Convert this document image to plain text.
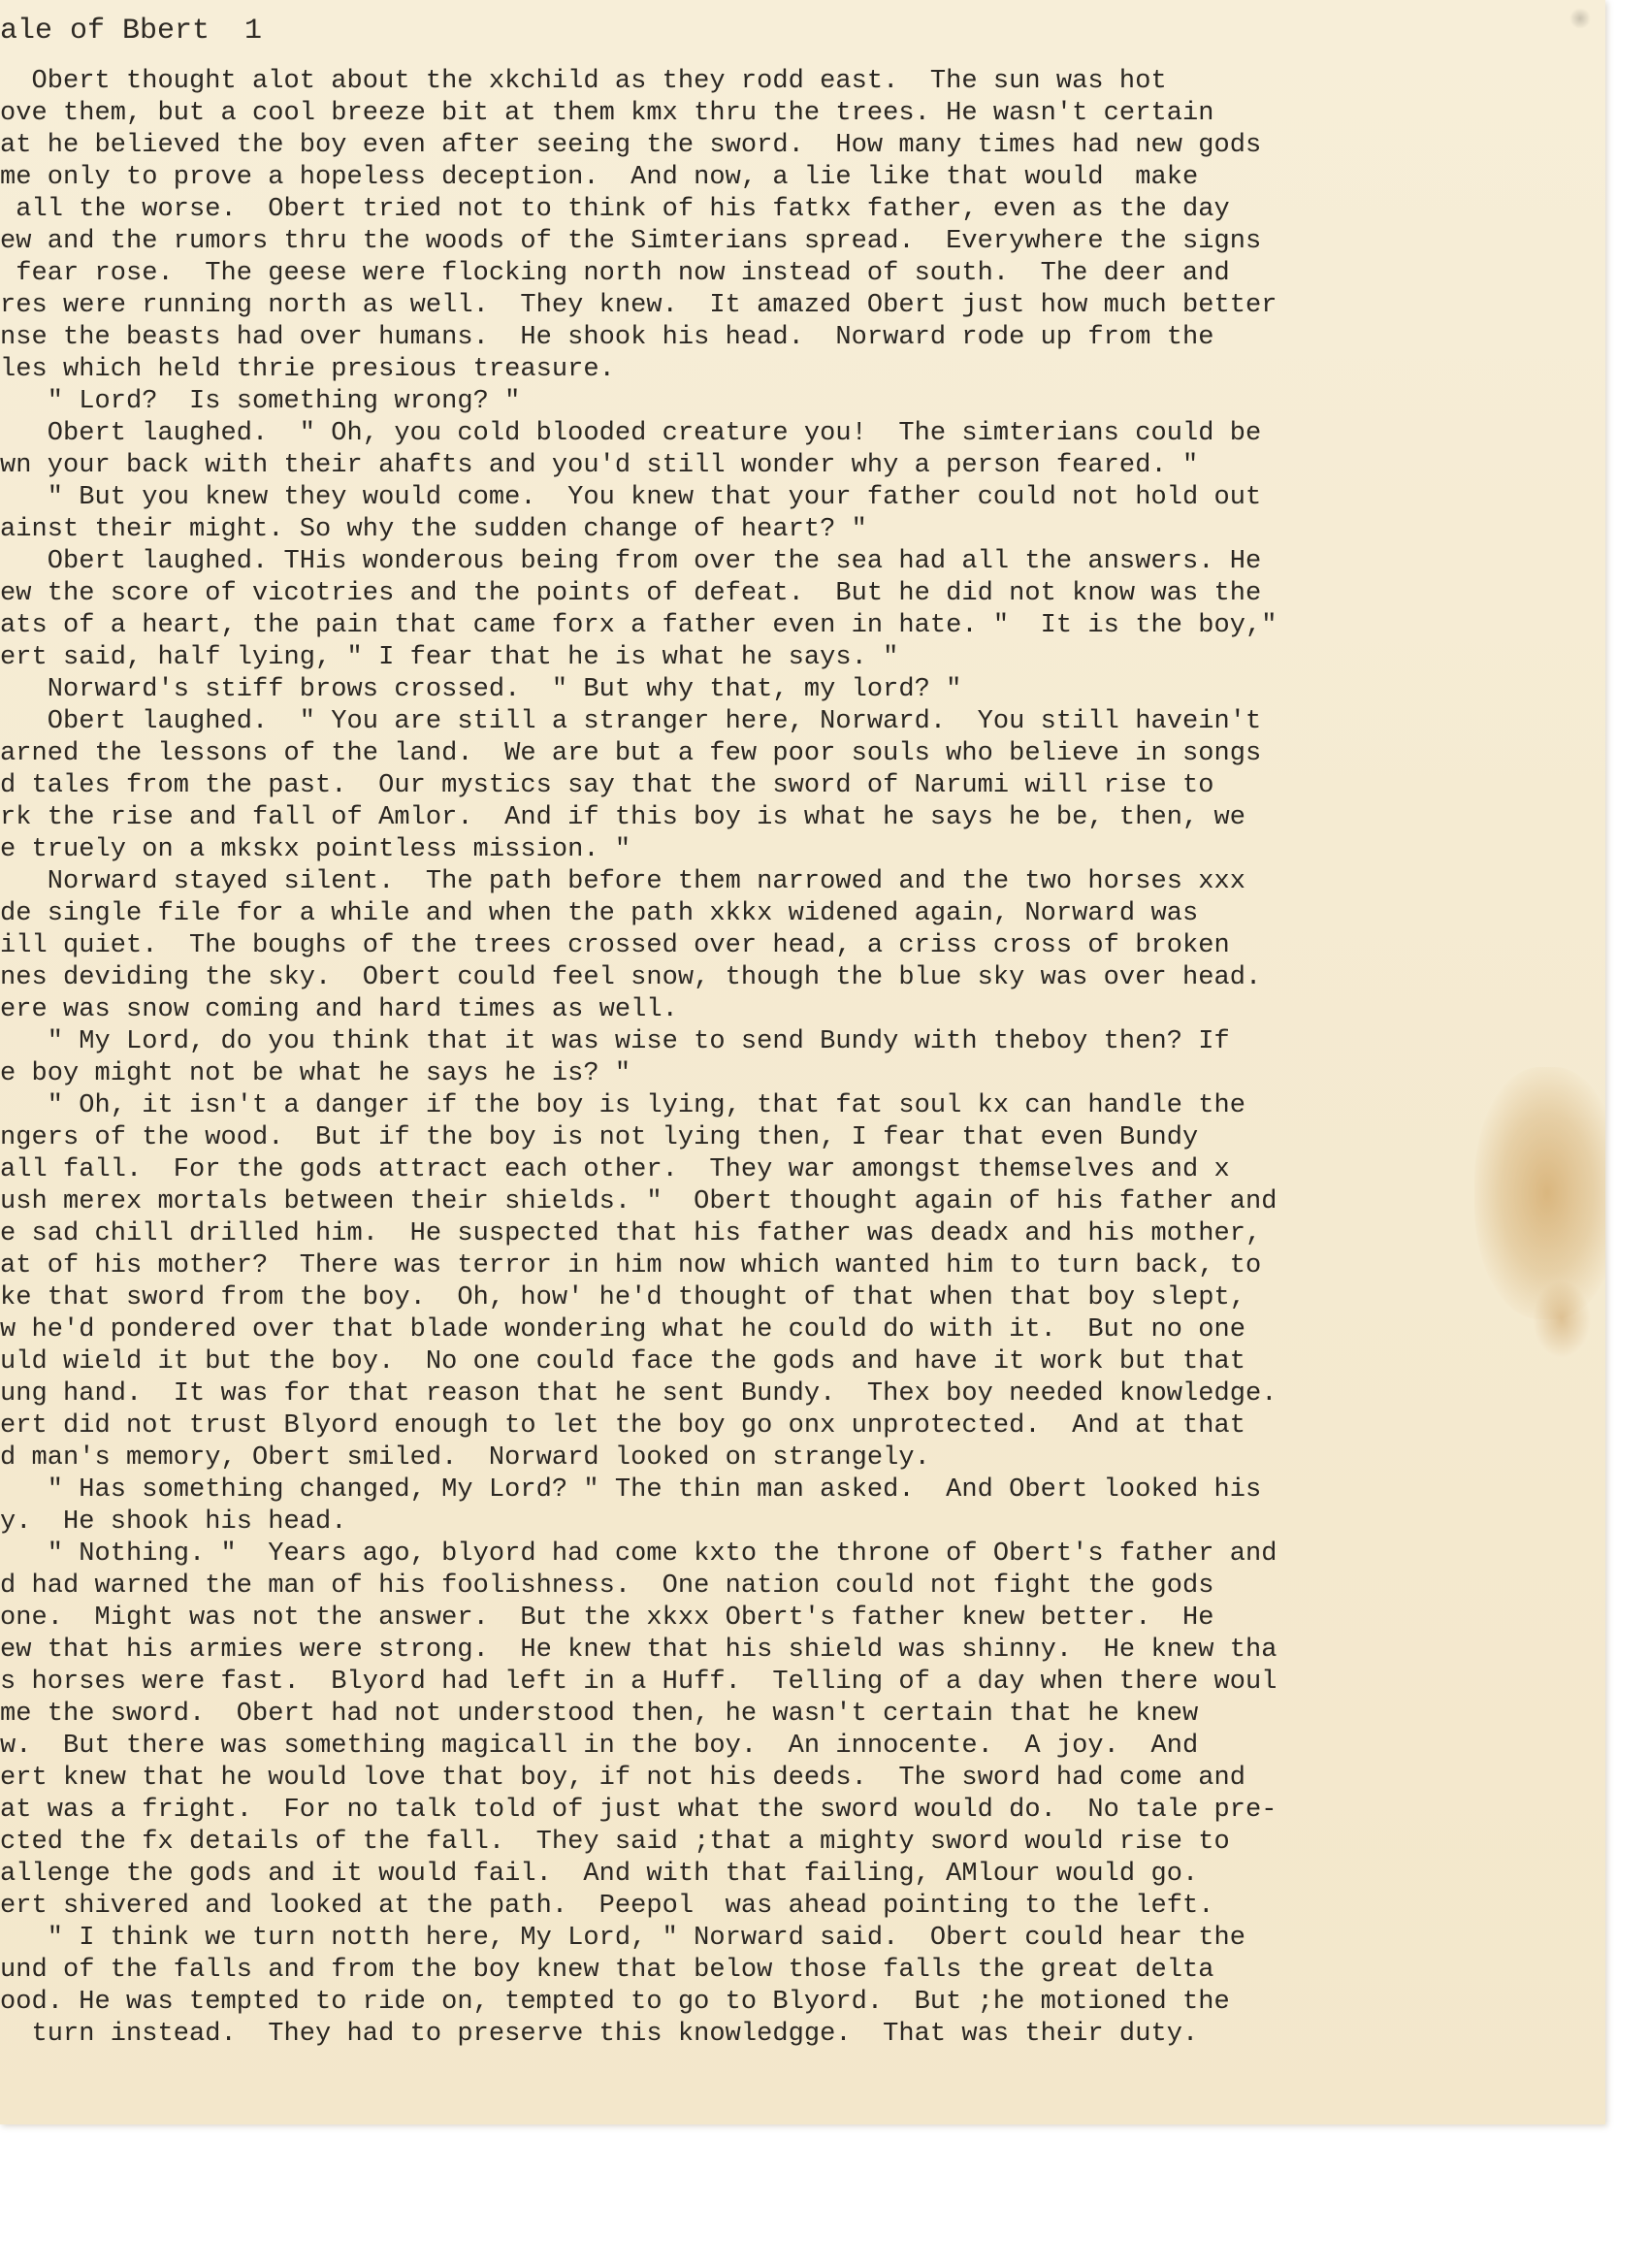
ale of Bbert  1

Obert thought alot about the xkchild as they rodd east.  The sun was hot
ove them, but a cool breeze bit at them kmx thru the trees. He wasn't certain
at he believed the boy even after seeing the sword.  How many times had new gods
me only to prove a hopeless deception.  And now, a lie like that would  make
all the worse.  Obert tried not to think of his fatkx father, even as the day
ew and the rumors thru the woods of the Simterians spread.  Everywhere the signs
fear rose.  The geese were flocking north now instead of south.  The deer and
res were running north as well.  They knew.  It amazed Obert just how much better
nse the beasts had over humans.  He shook his head.  Norward rode up from the
les which held thrie presious treasure.
" Lord?  Is something wrong? "
Obert laughed.  " Oh, you cold blooded creature you!  The simterians could be
wn your back with their ahafts and you'd still wonder why a person feared. "
" But you knew they would come.  You knew that your father could not hold out
ainst their might. So why the sudden change of heart? "
Obert laughed. THis wonderous being from over the sea had all the answers. He
ew the score of vicotries and the points of defeat.  But he did not know was the
ats of a heart, the pain that came forx a father even in hate. "  It is the boy,"
ert said, half lying, " I fear that he is what he says. "
Norward's stiff brows crossed.  " But why that, my lord? "
Obert laughed.  " You are still a stranger here, Norward.  You still havein't
arned the lessons of the land.  We are but a few poor souls who believe in songs
d tales from the past.  Our mystics say that the sword of Narumi will rise to
rk the rise and fall of Amlor.  And if this boy is what he says he be, then, we
e truely on a mkskx pointless mission. "
Norward stayed silent.  The path before them narrowed and the two horses xxx
de single file for a while and when the path xkkx widened again, Norward was
ill quiet.  The boughs of the trees crossed over head, a criss cross of broken
nes deviding the sky.  Obert could feel snow, though the blue sky was over head.
ere was snow coming and hard times as well.
" My Lord, do you think that it was wise to send Bundy with theboy then? If
e boy might not be what he says he is? "
" Oh, it isn't a danger if the boy is lying, that fat soul kx can handle the
ngers of the wood.  But if the boy is not lying then, I fear that even Bundy
all fall.  For the gods attract each other.  They war amongst themselves and x
ush merex mortals between their shields. "  Obert thought again of his father and
e sad chill drilled him.  He suspected that his father was deadx and his mother,
at of his mother?  There was terror in him now which wanted him to turn back, to
ke that sword from the boy.  Oh, how' he'd thought of that when that boy slept,
w he'd pondered over that blade wondering what he could do with it.  But no one
uld wield it but the boy.  No one could face the gods and have it work but that
ung hand.  It was for that reason that he sent Bundy.  Thex boy needed knowledge.
ert did not trust Blyord enough to let the boy go onx unprotected.  And at that
d man's memory, Obert smiled.  Norward looked on strangely.
" Has something changed, My Lord? " The thin man asked.  And Obert looked his
y.  He shook his head.
" Nothing. "  Years ago, blyord had come kxto the throne of Obert's father and
d had warned the man of his foolishness.  One nation could not fight the gods
one.  Might was not the answer.  But the xkxx Obert's father knew better.  He
ew that his armies were strong.  He knew that his shield was shinny.  He knew tha
s horses were fast.  Blyord had left in a Huff.  Telling of a day when there woul
me the sword.  Obert had not understood then, he wasn't certain that he knew
w.  But there was something magicall in the boy.  An innocente.  A joy.  And
ert knew that he would love that boy, if not his deeds.  The sword had come and
at was a fright.  For no talk told of just what the sword would do.  No tale pre-
cted the fx details of the fall.  They said ;that a mighty sword would rise to
allenge the gods and it would fail.  And with that failing, AMlour would go.
ert shivered and looked at the path.  Peepol  was ahead pointing to the left.
" I think we turn notth here, My Lord, " Norward said.  Obert could hear the
und of the falls and from the boy knew that below those falls the great delta
ood. He was tempted to ride on, tempted to go to Blyord.  But ;he motioned the
turn instead.  They had to preserve this knowledgge.  That was their duty.
